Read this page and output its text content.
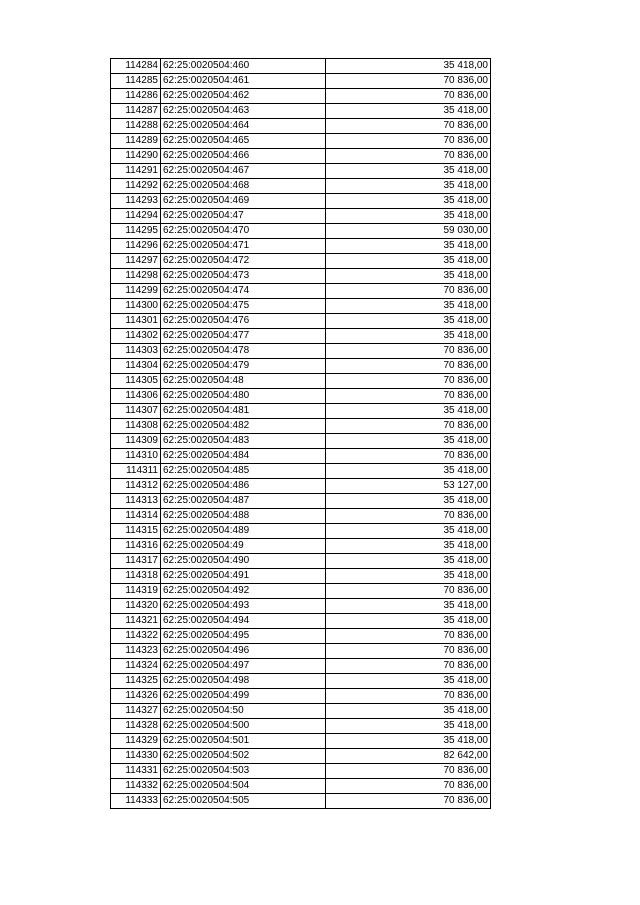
114284	62:25:0020504:460	35 418,00
114285	62:25:0020504:461	70 836,00
114286	62:25:0020504:462	70 836,00
114287	62:25:0020504:463	35 418,00
114288	62:25:0020504:464	70 836,00
114289	62:25:0020504:465	70 836,00
114290	62:25:0020504:466	70 836,00
114291	62:25:0020504:467	35 418,00
114292	62:25:0020504:468	35 418,00
114293	62:25:0020504:469	35 418,00
114294	62:25:0020504:47	35 418,00
114295	62:25:0020504:470	59 030,00
114296	62:25:0020504:471	35 418,00
114297	62:25:0020504:472	35 418,00
114298	62:25:0020504:473	35 418,00
114299	62:25:0020504:474	70 836,00
114300	62:25:0020504:475	35 418,00
114301	62:25:0020504:476	35 418,00
114302	62:25:0020504:477	35 418,00
114303	62:25:0020504:478	70 836,00
114304	62:25:0020504:479	70 836,00
114305	62:25:0020504:48	70 836,00
114306	62:25:0020504:480	70 836,00
114307	62:25:0020504:481	35 418,00
114308	62:25:0020504:482	70 836,00
114309	62:25:0020504:483	35 418,00
114310	62:25:0020504:484	70 836,00
114311	62:25:0020504:485	35 418,00
114312	62:25:0020504:486	53 127,00
114313	62:25:0020504:487	35 418,00
114314	62:25:0020504:488	70 836,00
114315	62:25:0020504:489	35 418,00
114316	62:25:0020504:49	35 418,00
114317	62:25:0020504:490	35 418,00
114318	62:25:0020504:491	35 418,00
114319	62:25:0020504:492	70 836,00
114320	62:25:0020504:493	35 418,00
114321	62:25:0020504:494	35 418,00
114322	62:25:0020504:495	70 836,00
114323	62:25:0020504:496	70 836,00
114324	62:25:0020504:497	70 836,00
114325	62:25:0020504:498	35 418,00
114326	62:25:0020504:499	70 836,00
114327	62:25:0020504:50	35 418,00
114328	62:25:0020504:500	35 418,00
114329	62:25:0020504:501	35 418,00
114330	62:25:0020504:502	82 642,00
114331	62:25:0020504:503	70 836,00
114332	62:25:0020504:504	70 836,00
114333	62:25:0020504:505	70 836,00
